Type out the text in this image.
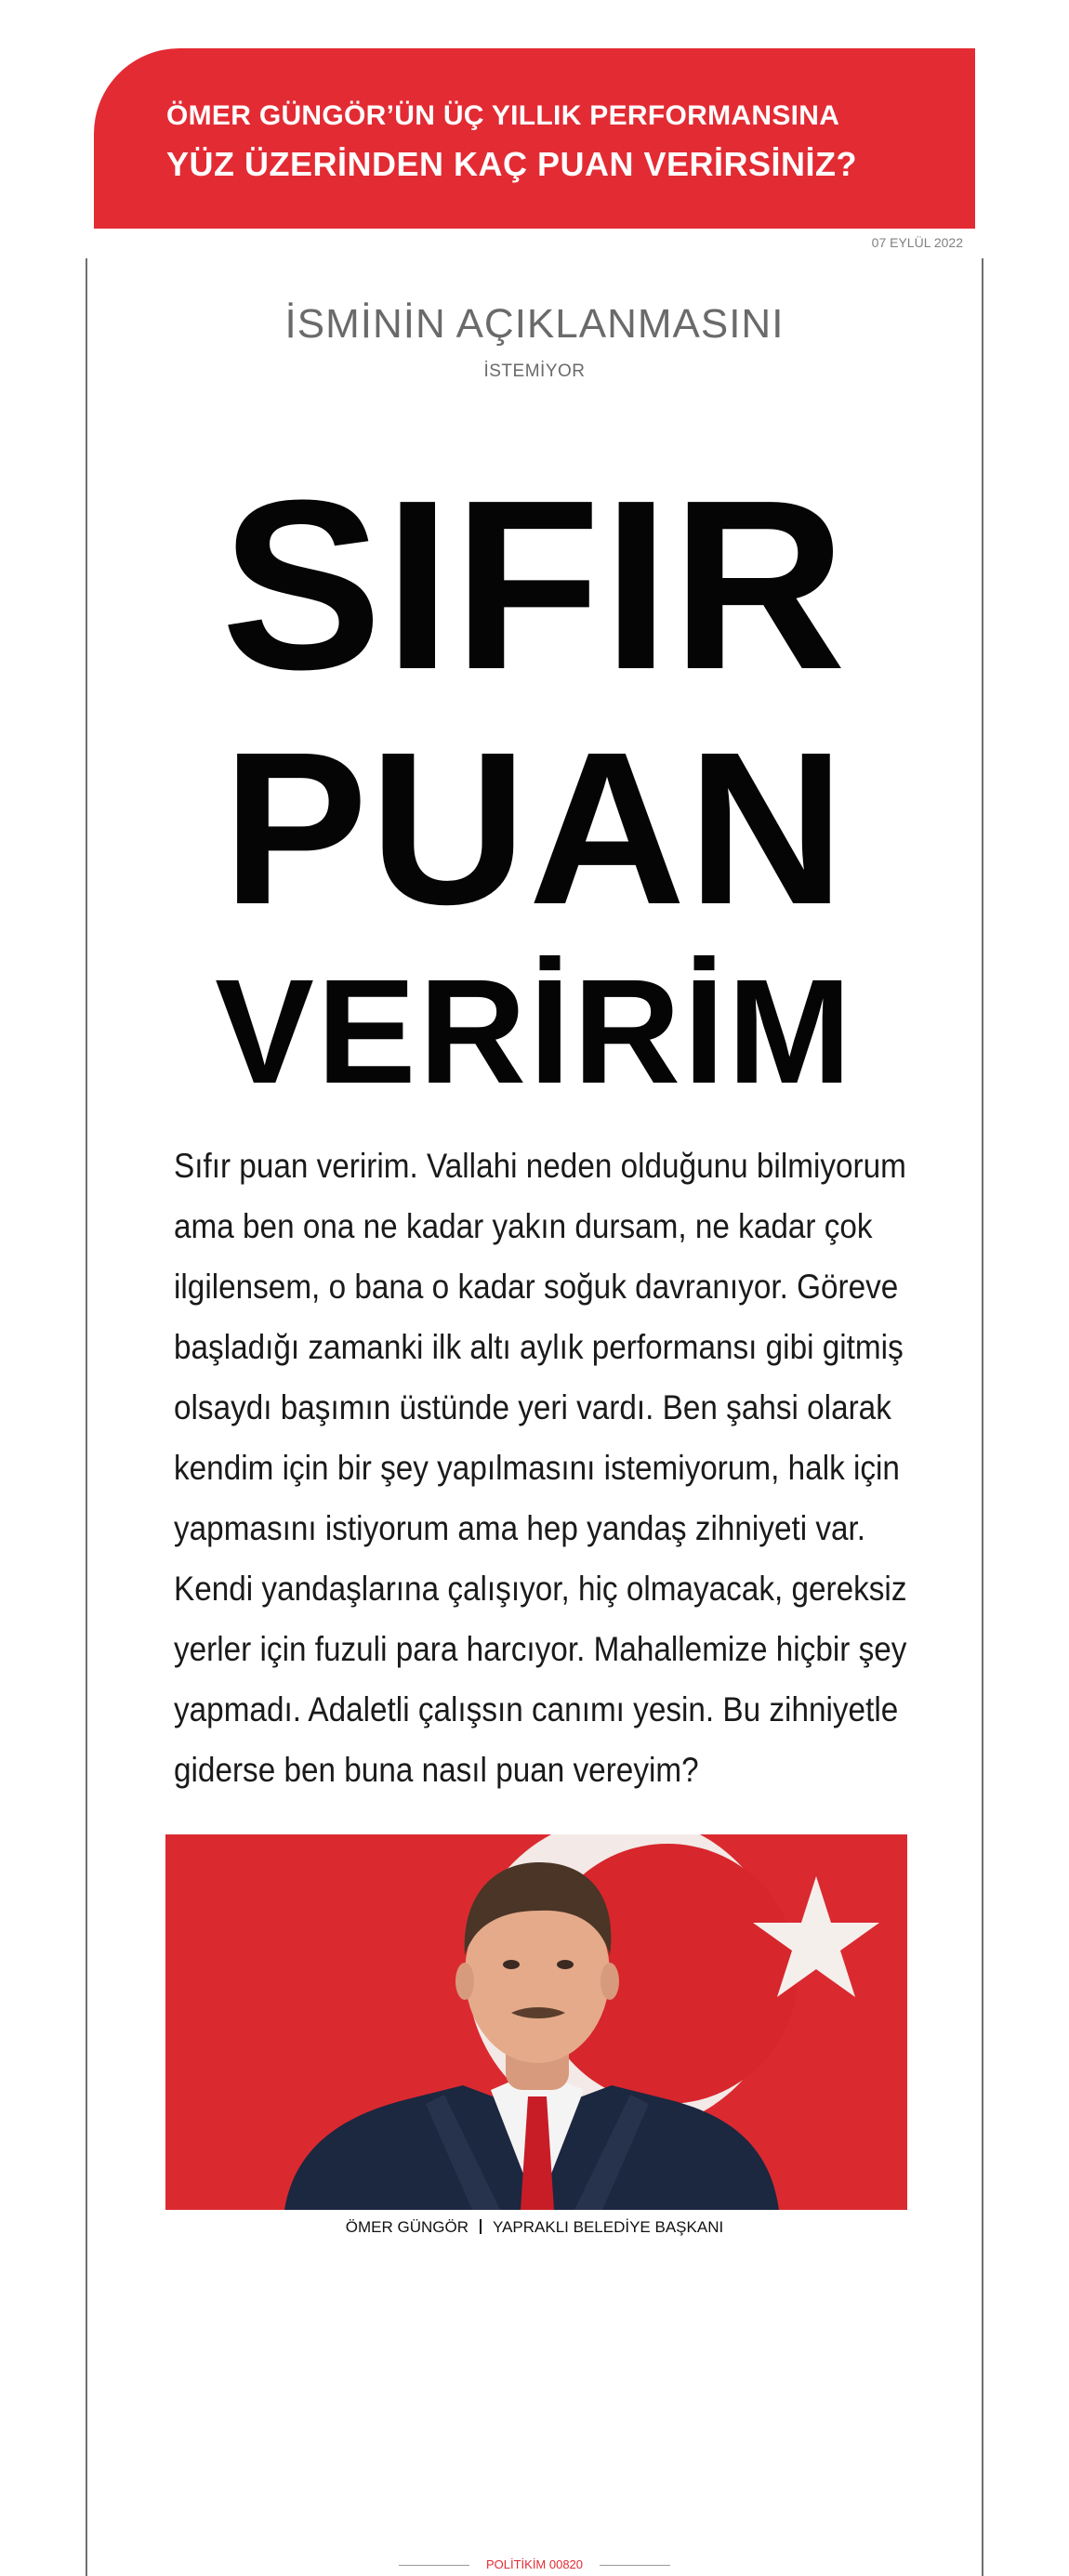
ÖMER GÜNGÖR’ÜN ÜÇ YILLIK PERFORMANSINA
YÜZ ÜZERİNDEN KAÇ PUAN VERİRSİNİZ?
07 EYLÜL 2022
İSMİNİN AÇIKLANMASINI
İSTEMİYOR
SIFIR
PUAN
VERİRİM
Sıfır puan veririm. Vallahi neden olduğunu bilmiyorum ama ben ona ne kadar yakın dursam, ne kadar çok ilgilensem, o bana o kadar soğuk davranıyor. Göreve başladığı zamanki ilk altı aylık performansı gibi gitmiş olsaydı başımın üstünde yeri vardı. Ben şahsi olarak kendim için bir şey yapılmasını istemiyorum, halk için yapmasını istiyorum ama hep yandaş zihniyeti var. Kendi yandaşlarına çalışıyor, hiç olmayacak, gereksiz yerler için fuzuli para harcıyor. Mahallemize hiçbir şey yapmadı. Adaletli çalışsın canımı yesin. Bu zihniyetle giderse ben buna nasıl puan vereyim?
ÖMER GÜNGÖR YAPRAKLI BELEDİYE BAŞKANI
POLİTİKİM 00820
